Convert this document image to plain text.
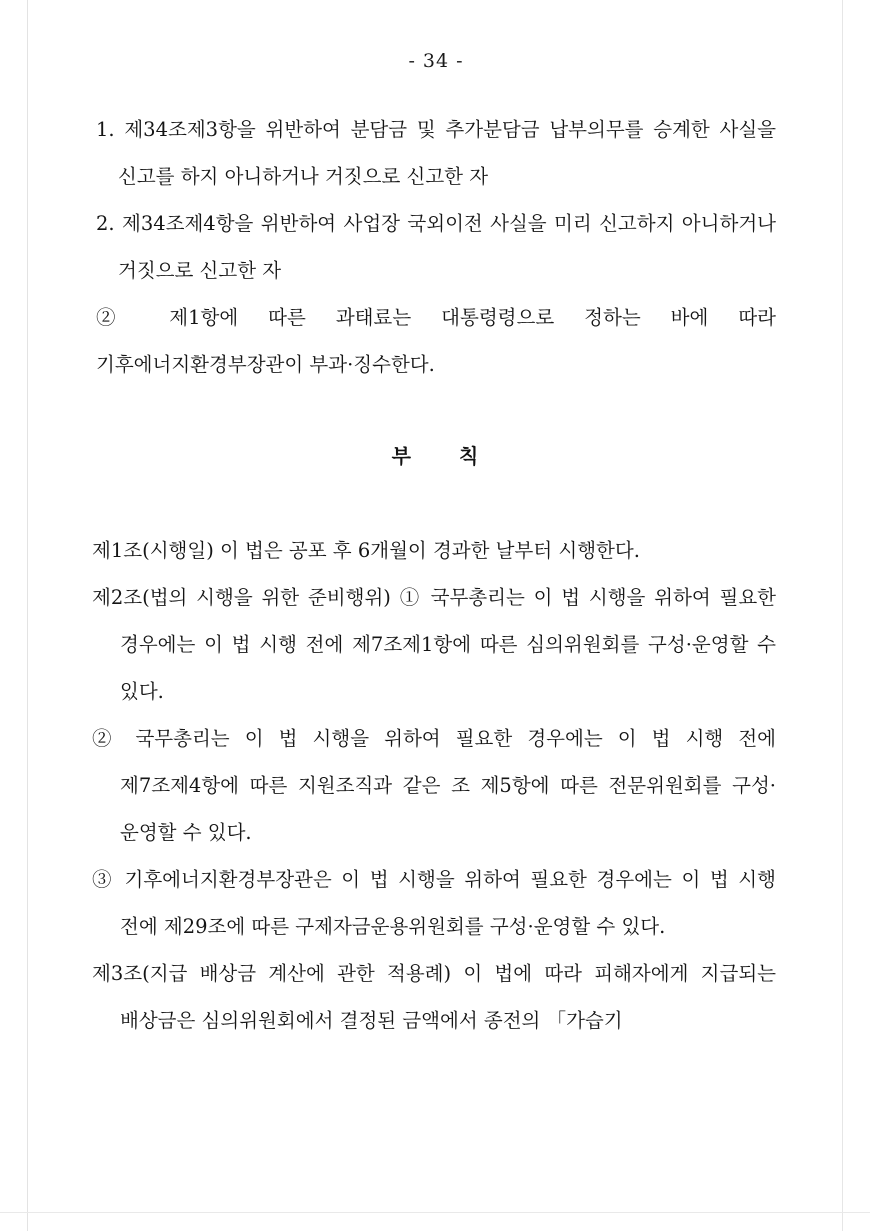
- 34 -

1. 제34조제3항을 위반하여 분담금 및 추가분담금 납부의무를 승계한 사실을 신고를 하지 아니하거나 거짓으로 신고한 자

2. 제34조제4항을 위반하여 사업장 국외이전 사실을 미리 신고하지 아니하거나 거짓으로 신고한 자

② 제1항에 따른 과태료는 대통령령으로 정하는 바에 따라 기후에너지환경부장관이 부과·징수한다.

부 칙

제1조(시행일) 이 법은 공포 후 6개월이 경과한 날부터 시행한다.

제2조(법의 시행을 위한 준비행위) ① 국무총리는 이 법 시행을 위하여 필요한 경우에는 이 법 시행 전에 제7조제1항에 따른 심의위원회를 구성·운영할 수 있다.

② 국무총리는 이 법 시행을 위하여 필요한 경우에는 이 법 시행 전에 제7조제4항에 따른 지원조직과 같은 조 제5항에 따른 전문위원회를 구성·운영할 수 있다.

③ 기후에너지환경부장관은 이 법 시행을 위하여 필요한 경우에는 이 법 시행 전에 제29조에 따른 구제자금운용위원회를 구성·운영할 수 있다.

제3조(지급 배상금 계산에 관한 적용례) 이 법에 따라 피해자에게 지급되는 배상금은 심의위원회에서 결정된 금액에서 종전의 「가습기
